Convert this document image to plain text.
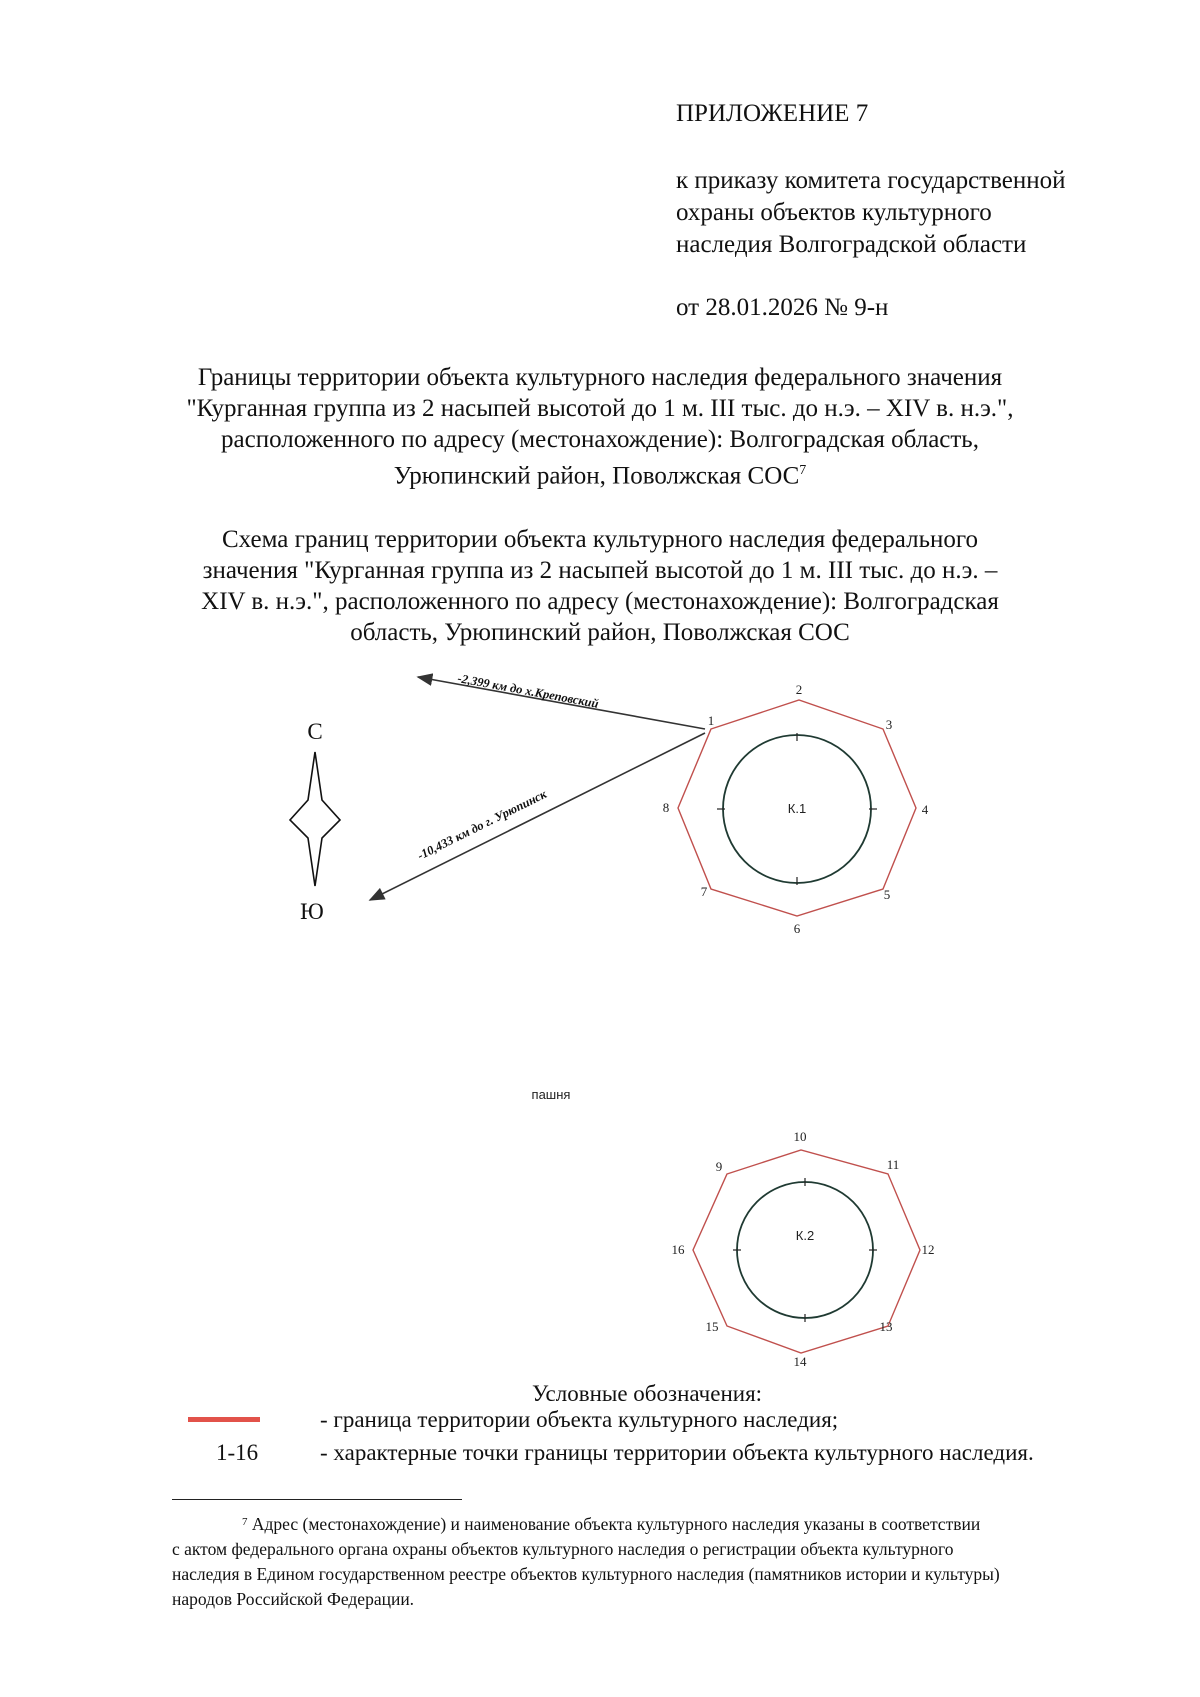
ПРИЛОЖЕНИЕ 7
к приказу комитета государственной
охраны объектов культурного
наследия Волгоградской области
от 28.01.2026 № 9-н
Границы территории объекта культурного наследия федерального значения
"Курганная группа из 2 насыпей высотой до 1 м. III тыс. до н.э. – XIV в. н.э.",
расположенного по адресу (местонахождение): Волгоградская область,
Урюпинский район, Поволжская СОС$^7$
Схема границ территории объекта культурного наследия федерального
значения "Курганная группа из 2 насыпей высотой до 1 м. III тыс. до н.э. –
XIV в. н.э.", расположенного по адресу (местонахождение): Волгоградская
область, Урюпинский район, Поволжская СОС
С
Ю
-2,399 км до х.Креповский
-10,433 км до г. Урюпинск	К.1
1
2
3
4
5
6
7
8
пашня
К.2
9
10
11
12
13
14
15
16
Условные обозначения:
- граница территории объекта культурного наследия;
1-16	- характерные точки границы территории объекта культурного наследия.
$^7$ Адрес (местонахождение) и наименование объекта культурного наследия указаны в соответствии
с актом федерального органа охраны объектов культурного наследия о регистрации объекта культурного
наследия в Едином государственном реестре объектов культурного наследия (памятников истории и культуры)
народов Российской Федерации.
